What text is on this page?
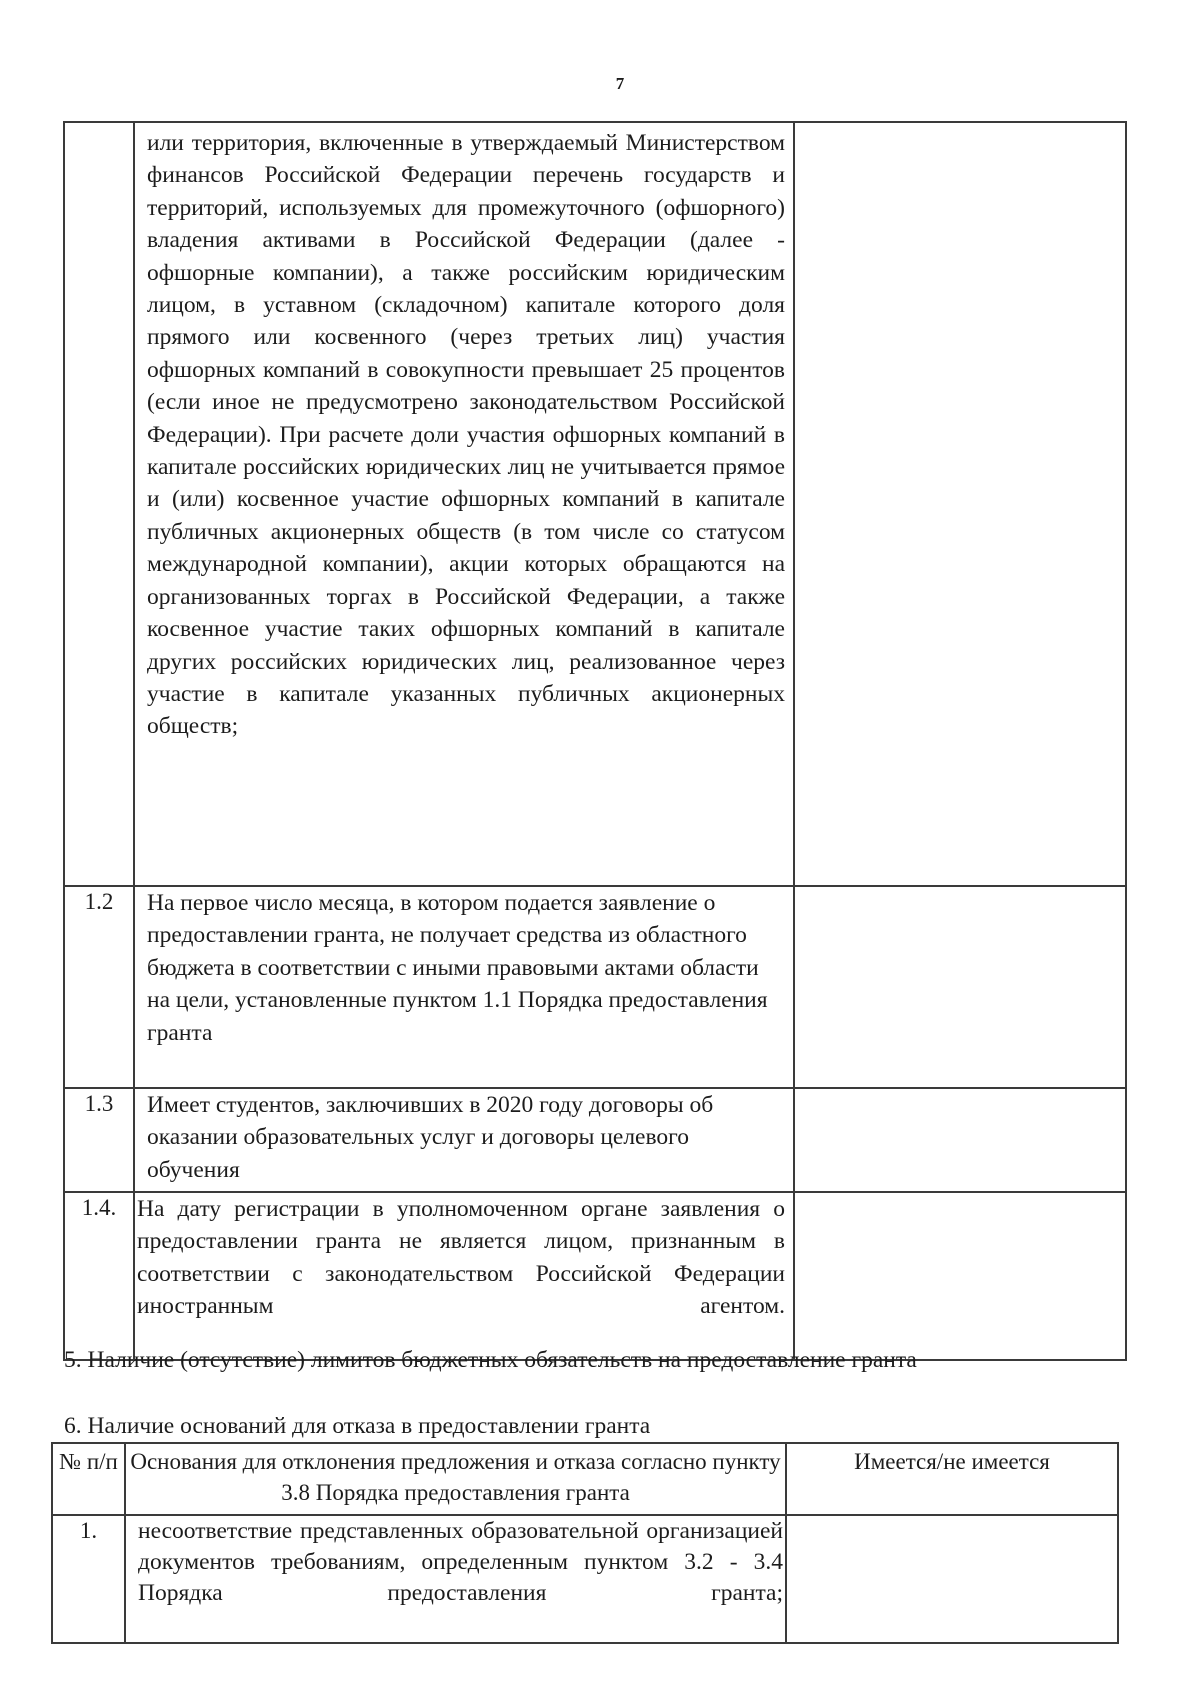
7
	или территория, включенные в утверждаемый Министерством финансов Российской Федерации перечень государств и территорий, используемых для промежуточного (офшорного) владения активами в Российской Федерации (далее - офшорные компании), а также российским юридическим лицом, в уставном (складочном) капитале которого доля прямого или косвенного (через третьих лиц) участия офшорных компаний в совокупности превышает 25 процентов (если иное не предусмотрено законодательством Российской Федерации). При расчете доли участия офшорных компаний в капитале российских юридических лиц не учитывается прямое и (или) косвенное участие офшорных компаний в капитале публичных акционерных обществ (в том числе со статусом международной компании), акции которых обращаются на организованных торгах в Российской Федерации, а также косвенное участие таких офшорных компаний в капитале других российских юридических лиц, реализованное через участие в капитале указанных публичных акционерных обществ;	
1.2	На первое число месяца, в котором подается заявление о предоставлении гранта, не получает средства из областного бюджета в соответствии с иными правовыми актами области на цели, установленные пунктом 1.1 Порядка предоставления гранта	
1.3	Имеет студентов, заключивших в 2020 году договоры об оказании образовательных услуг и договоры целевого обучения	
1.4.	На дату регистрации в уполномоченном органе заявления о предоставлении гранта не является лицом, признанным в соответствии с законодательством Российской Федерации иностранным агентом.	
5. Наличие (отсутствие) лимитов бюджетных обязательств на предоставление гранта
6. Наличие оснований для отказа в предоставлении гранта
№ п/п	Основания для отклонения предложения и отказа согласно пункту 3.8 Порядка предоставления гранта	Имеется/не имеется
1.	несоответствие представленных образовательной организацией документов требованиям, определенным пунктом 3.2 - 3.4 Порядка предоставления гранта;	
